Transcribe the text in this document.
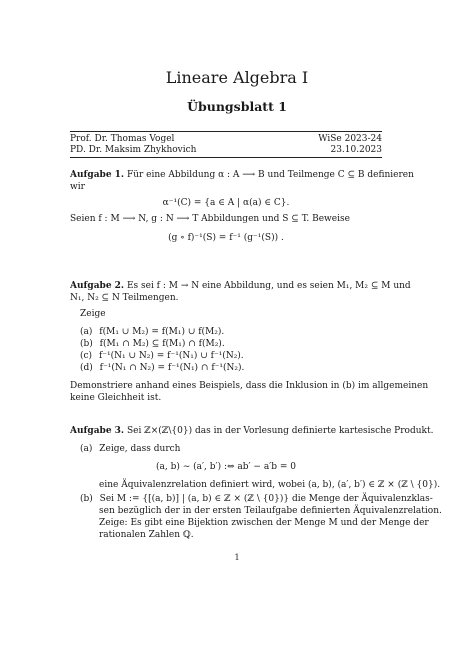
Lineare Algebra I
Übungsblatt 1
Prof. Dr. Thomas Vogel	WiSe 2023-24
PD. Dr. Maksim Zhykhovich	23.10.2023
Aufgabe 1. Für eine Abbildung α : A ⟶ B und Teilmenge C ⊆ B definieren
wir
α⁻¹(C) = {a ∈ A | α(a) ∈ C}.
Seien f : M ⟶ N, g : N ⟶ T Abbildungen und S ⊆ T. Beweise
(g ∘ f)⁻¹(S) = f⁻¹ (g⁻¹(S)) .
Aufgabe 2. Es sei f : M → N eine Abbildung, und es seien M₁, M₂ ⊆ M und
N₁, N₂ ⊆ N Teilmengen.
Zeige
(a) f(M₁ ∪ M₂) = f(M₁) ∪ f(M₂).
(b) f(M₁ ∩ M₂) ⊆ f(M₁) ∩ f(M₂).
(c) f⁻¹(N₁ ∪ N₂) = f⁻¹(N₁) ∪ f⁻¹(N₂).
(d) f⁻¹(N₁ ∩ N₂) = f⁻¹(N₁) ∩ f⁻¹(N₂).
Demonstriere anhand eines Beispiels, dass die Inklusion in (b) im allgemeinen
keine Gleichheit ist.
Aufgabe 3. Sei ℤ×(ℤ\{0}) das in der Vorlesung definierte kartesische Produkt.
(a) Zeige, dass durch
(a, b) ∼ (a′, b′) :⇔ ab′ − a′b = 0
eine Äquivalenzrelation definiert wird, wobei (a, b), (a′, b′) ∈ ℤ × (ℤ \ {0}).
(b) Sei M := {[(a, b)] | (a, b) ∈ ℤ × (ℤ \ {0})} die Menge der Äquivalenzklas-
sen bezüglich der in der ersten Teilaufgabe definierten Äquivalenzrelation.
Zeige: Es gibt eine Bijektion zwischen der Menge M und der Menge der
rationalen Zahlen ℚ.
1
